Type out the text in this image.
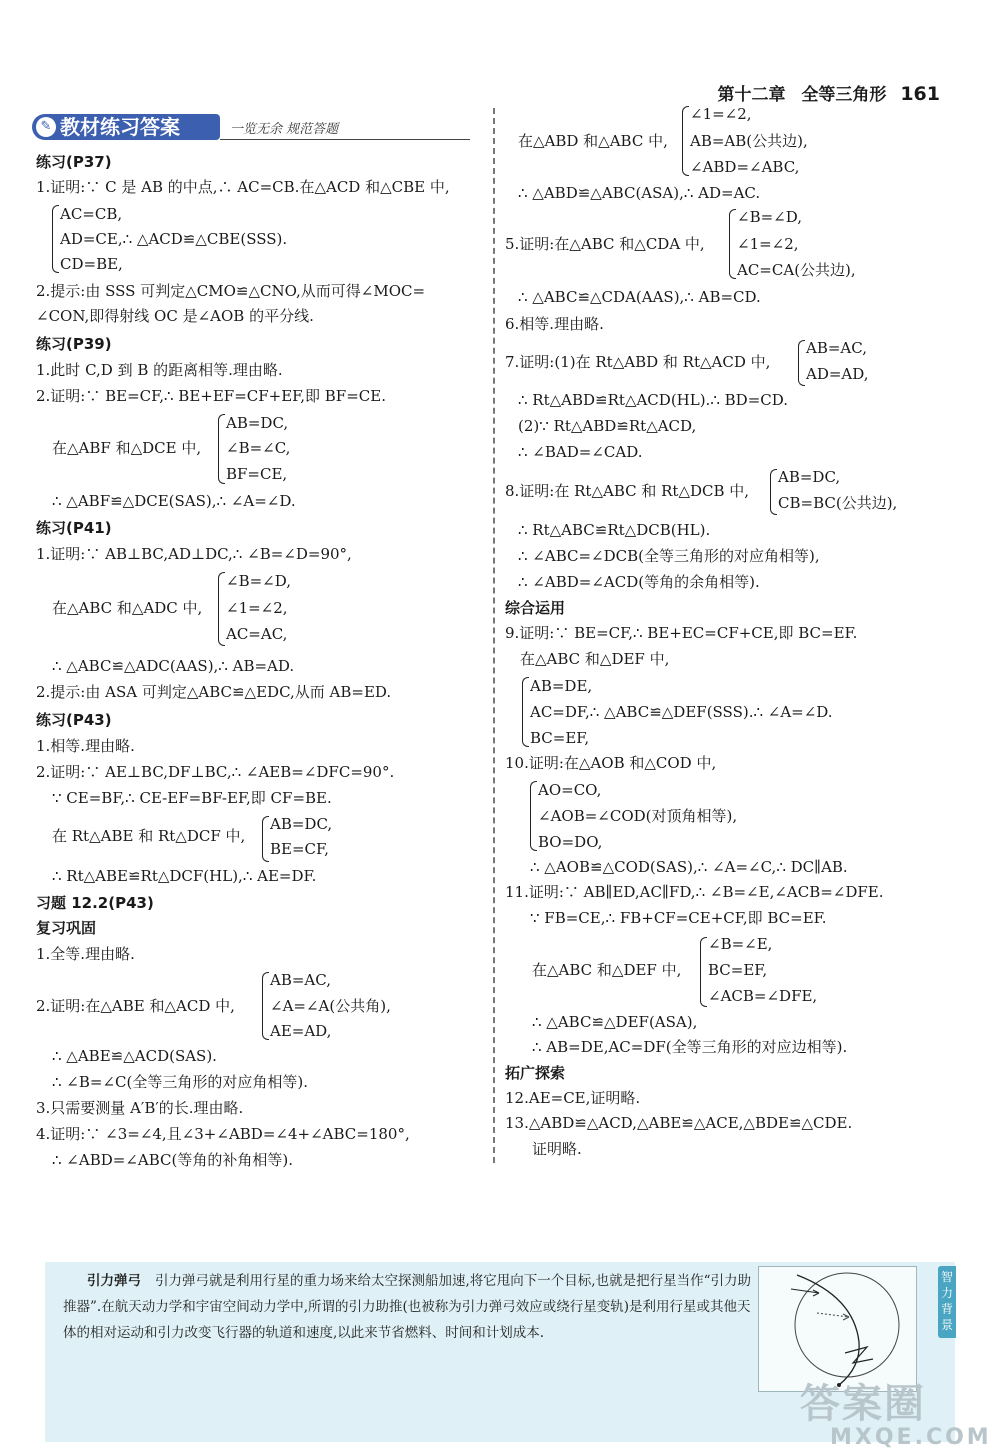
第十二章 全等三角形 161
✎ 教材练习答案	一览无余 规范答题
练习(P37)
1.证明:∵ C 是 AB 的中点,∴ AC=CB.在△ACD 和△CBE 中,
AC=CB,
AD=CE,∴ △ACD≌△CBE(SSS).
CD=BE,
2.提示:由 SSS 可判定△CMO≌△CNO,从而可得∠MOC=
∠CON,即得射线 OC 是∠AOB 的平分线.
练习(P39)
1.此时 C,D 到 B 的距离相等.理由略.
2.证明:∵ BE=CF,∴ BE+EF=CF+EF,即 BF=CE.
AB=DC,
在△ABF 和△DCE 中, ∠B=∠C,
BF=CE,
∴ △ABF≌△DCE(SAS),∴ ∠A=∠D.
练习(P41)
1.证明:∵ AB⊥BC,AD⊥DC,∴ ∠B=∠D=90°,
∠B=∠D,
在△ABC 和△ADC 中, ∠1=∠2,
AC=AC,
∴ △ABC≌△ADC(AAS),∴ AB=AD.
2.提示:由 ASA 可判定△ABC≌△EDC,从而 AB=ED.
练习(P43)
1.相等.理由略.
2.证明:∵ AE⊥BC,DF⊥BC,∴ ∠AEB=∠DFC=90°.
∵ CE=BF,∴ CE-EF=BF-EF,即 CF=BE.
在 Rt△ABE 和 Rt△DCF 中,
AB=DC,
BE=CF,
∴ Rt△ABE≌Rt△DCF(HL),∴ AE=DF.
习题 12.2(P43)
复习巩固
1.全等.理由略.
AB=AC,
2.证明:在△ABE 和△ACD 中, ∠A=∠A(公共角),
AE=AD,
∴ △ABE≌△ACD(SAS).
∴ ∠B=∠C(全等三角形的对应角相等).
3.只需要测量 A′B′的长.理由略.
4.证明:∵ ∠3=∠4,且∠3+∠ABD=∠4+∠ABC=180°,
∴ ∠ABD=∠ABC(等角的补角相等).
∠1=∠2,
在△ABD 和△ABC 中, AB=AB(公共边),
∠ABD=∠ABC,
∴ △ABD≌△ABC(ASA),∴ AD=AC.
∠B=∠D,
5.证明:在△ABC 和△CDA 中, ∠1=∠2,
AC=CA(公共边),
∴ △ABC≌△CDA(AAS),∴ AB=CD.
6.相等.理由略.
7.证明:(1)在 Rt△ABD 和 Rt△ACD 中,
AB=AC,
AD=AD,
∴ Rt△ABD≌Rt△ACD(HL).∴ BD=CD.
(2)∵ Rt△ABD≌Rt△ACD,
∴ ∠BAD=∠CAD.
8.证明:在 Rt△ABC 和 Rt△DCB 中,
AB=DC,
CB=BC(公共边),
∴ Rt△ABC≌Rt△DCB(HL).
∴ ∠ABC=∠DCB(全等三角形的对应角相等),
∴ ∠ABD=∠ACD(等角的余角相等).
综合运用
9.证明:∵ BE=CF,∴ BE+EC=CF+CE,即 BC=EF.
在△ABC 和△DEF 中,
AB=DE,
AC=DF,∴ △ABC≌△DEF(SSS).∴ ∠A=∠D.
BC=EF,
10.证明:在△AOB 和△COD 中,
AO=CO,
∠AOB=∠COD(对顶角相等),
BO=DO,
∴ △AOB≌△COD(SAS),∴ ∠A=∠C,∴ DC∥AB.
11.证明:∵ AB∥ED,AC∥FD,∴ ∠B=∠E,∠ACB=∠DFE.
∵ FB=CE,∴ FB+CF=CE+CF,即 BC=EF.
∠B=∠E,
在△ABC 和△DEF 中, BC=EF,
∠ACB=∠DFE,
∴ △ABC≌△DEF(ASA),
∴ AB=DE,AC=DF(全等三角形的对应边相等).
拓广探索
12.AE=CE,证明略.
13.△ABD≌△ACD,△ABE≌△ACE,△BDE≌△CDE.
证明略.
引力弹弓 引力弹弓就是利用行星的重力场来给太空探测船加速,将它甩向下一个目标,也就是把行星当作“引力助推器”.在航天动力学和宇宙空间动力学中,所谓的引力助推(也被称为引力弹弓效应或绕行星变轨)是利用行星或其他天体的相对运动和引力改变飞行器的轨道和速度,以此来节省燃料、时间和计划成本.
智力背景
答案圈
MXQE.COM
